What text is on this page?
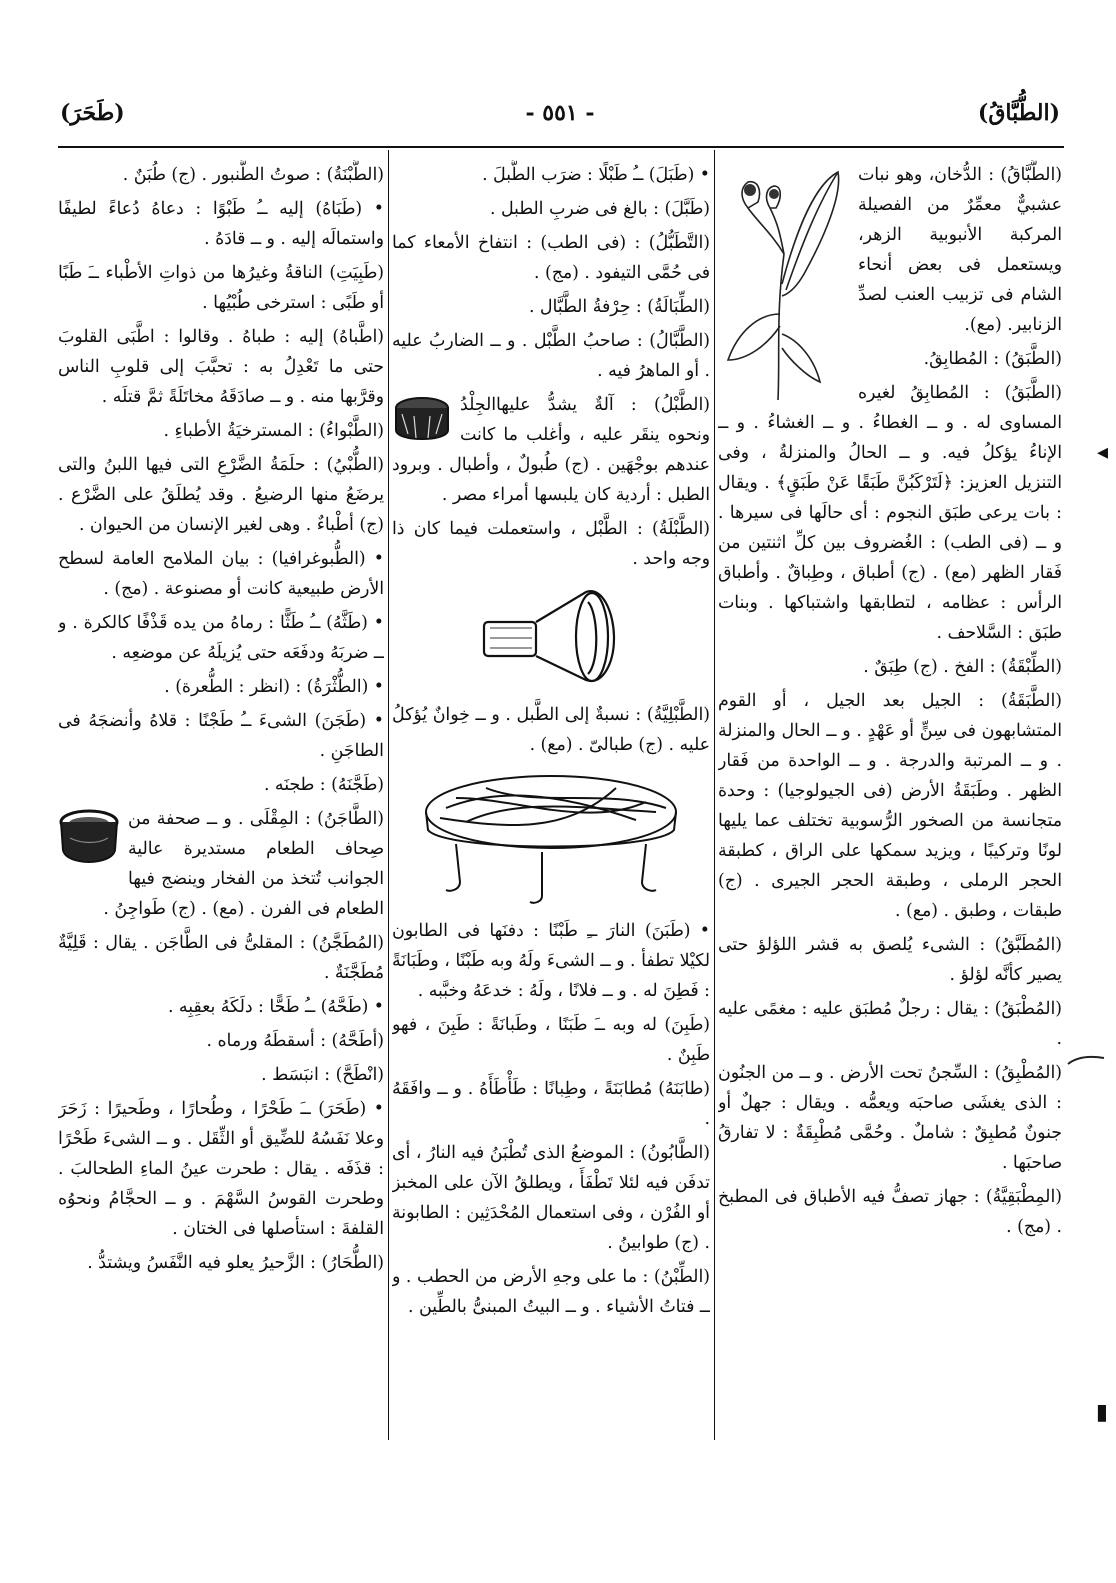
(طَحَرَ)	- ٥٥١ -	(الطُّبَّاقُ)

(الطُّبَّاقُ) : الدُّخان، وهو نبات عشبيٌّ معمِّرٌ من الفصيلة المركبة الأنبوبية الزهر، ويستعمل فى بعض أنحاء الشام فى تزبيب العنب لصدِّ الزنابير. (مع).

(الطَّبَقُ) : المُطابِقُ.

(الطَّبَقُ) : المُطابِقُ لغيره المساوى له . و ــ الغطاءُ . و ــ الغشاءُ . و ــ الإناءُ يؤكلُ فيه. و ــ الحالُ والمنزلةُ ، وفى التنزيل العزيز: ﴿لَتَرْكَبُنَّ طَبَقًا عَنْ طَبَقٍ﴾ . ويقال : بات يرعى طبَق النجوم : أى حالَها فى سيرها . و ــ (فى الطب) : الغُضروف بين كلِّ اثنتين من فَقار الظهر (مع) . (ج) أطباق ، وطِباقٌ . وأطباق الرأس : عظامه ، لتطابقها واشتباكها . وبنات طبَق : السَّلاحف .

(الطِّبْقَةُ) : الفخ . (ج) طِبَقٌ .

(الطَّبَقَةُ) : الجيل بعد الجيل ، أو القوم المتشابهون فى سِنٍّ أو عَهْدٍ . و ــ الحال والمنزلة . و ــ المرتبة والدرجة . و ــ الواحدة من فَقار الظهر . وطَبَقَةُ الأرض (فى الجيولوجيا) : وحدة متجانسة من الصخور الرُّسوبية تختلف عما يليها لونًا وتركيبًا ، ويزيد سمكها على الراق ، كطبقة الحجر الرملى ، وطبقة الحجر الجيرى . (ج) طبقات ، وطبق . (مع) .

(المُطَبَّقُ) : الشىء يُلصق به قشر اللؤلؤ حتى يصير كأنَّه لؤلؤ .

(المُطْبَقُ) : يقال : رجلٌ مُطبَق عليه : مغمًى عليه .

(المُطْبِقُ) : السِّجنُ تحت الأرض . و ــ من الجنُون : الذى يغشَى صاحبَه ويعمُّه . ويقال : جهلٌ أو جنونٌ مُطبِقٌ : شاملٌ . وحُمَّى مُطْبِقَةٌ : لا تفارقُ صاحبَها .

(المِطْبَقِيَّةُ) : جهاز تصفُّ فيه الأطباق فى المطبخ . (مج) .

• (طَبَلَ) ــُ طَبْلًا : ضرَب الطَّبلَ .

(طَبَّلَ) : بالغ فى ضربِ الطبل .

(التَّطَبُّلُ) : (فى الطب) : انتفاخ الأمعاء كما فى حُمَّى التيفود . (مج) .

(الطِّبَالَةُ) : حِرْفةُ الطَّبَّال .

(الطَّبَّالُ) : صاحبُ الطَّبْل . و ــ الضاربُ عليه . أو الماهرُ فيه .

(الطَّبْلُ) : آلةٌ يشدُّ عليهاالجِلْدُ ونحوه ينقَر عليه ، وأغلب ما كانت عندهم بوجْهَين . (ج) طُبولٌ ، وأطبال . وبرود الطبل : أردية كان يلبسها أمراء مصر .

(الطَّبْلَةُ) : الطَّبْل ، واستعملت فيما كان ذا وجه واحد .

(الطَّبْلِيَّةُ) : نسبةٌ إلى الطَّبل . و ــ خِوانٌ يُؤكلُ عليه . (ج) طبالىّ . (مع) .

• (طَبَنَ) النارَ ــِ طَبْنًا : دفنَها فى الطابون لكيْلا تطفأ . و ــ الشىءَ ولَهُ وبه طَبْنًا ، وطَبَانَةً : فَطِنَ له . و ــ فلانًا ، ولَهُ : خدعَهُ وخبَّبه .

(طَبِنَ) له وبه ــَ طَبَنًا ، وطَبانَةً : طَبِنَ ، فهو طَبِنٌ .

(طابَنَهُ) مُطابَنَةً ، وطِبانًا : طَأْطَأَهُ . و ــ وافَقَهُ .

(الطَّابُونُ) : الموضعُ الذى تُطْبَنُ فيه النارُ ، أى تدفَن فيه لئلا تَطْفَأَ ، ويطلقُ الآن على المخبز أو الفُرْن ، وفى استعمال المُحْدَثِين : الطابونة . (ج) طوابينُ .

(الطِّبْنُ) : ما على وجهِ الأرض من الحطب . و ــ فتاتُ الأشياء . و ــ البيتُ المبنىُّ بالطِّين .

(الطُّبْنَةُ) : صوتُ الطُّنبور . (ج) طُبَنٌ .

• (طَبَاهُ) إليه ــُ طَبْوًا : دعاهُ دُعاءً لطيفًا واستمالَه إليه . و ــ قادَهُ .

(طَبِيَتِ) الناقةُ وغيرُها من ذواتِ الأطْباء ــَ طَبًا أو طَبًى : استرخى طُبْيُها .

(اطَّباهُ) إليه : طباهُ . وقالوا : اطَّبَى القلوبَ حتى ما تَعْدِلُ به : تحبَّبَ إلى قلوبِ الناس وقرَّبها منه . و ــ صادَقَهُ مخاتَلَةً ثمَّ قتلَه .

(الطَّبْواءُ) : المسترخيَةُ الأطباءِ .

(الطُّبْيُ) : حلَمَةُ الضَّرْعِ التى فيها اللبنُ والتى يرضَعُ منها الرضيعُ . وقد يُطلَقُ على الضَّرْع . (ج) أطْباءٌ . وهى لغير الإنسان من الحيوان .

• (الطُّبوغرافيا) : بيان الملامح العامة لسطح الأرض طبيعية كانت أو مصنوعة . (مج) .

• (طَثَّهُ) ــُ طَثًّا : رماهُ من يده قَذْفًا كالكرة . و ــ ضربَهُ ودفَعَه حتى يُزيلَهُ عن موضعِه .

• (الطُّثْرَةُ) : (انظر : الطُّعرة) .

• (طَجَنَ) الشىءَ ــُ طَجْنًا : قلاهُ وأنضجَهُ فى الطاجَنِ .

(طَجَّنَهُ) : طجنَه .

(الطَّاجَنُ) : المِقْلَى . و ــ صحفة من صِحاف الطعام مستديرة عالية الجوانب تُتخذ من الفخار وينضج فيها الطعام فى الفرن . (مع) . (ج) طَواجِنُ .

(المُطَجَّنُ) : المقلىُّ فى الطَّاجَن . يقال : قَلِيَّةٌ مُطَجَّنَةٌ .

• (طَحَّهُ) ــُ طَحًّا : دلَكَهُ بعقِبِه .

(أطَحَّهُ) : أسقطَهُ ورماه .

(انْطَحَّ) : انبَسَط .

• (طَحَرَ) ــَ طَحْرًا ، وطُحارًا ، وطَحيرًا : زَحَرَ وعلا نَفَسُهُ للضِّيق أو الثِّقَل . و ــ الشىءَ طَحْرًا : قذَفَه . يقال : طحرت عينُ الماءِ الطحالبَ . وطحرت القوسُ السَّهْمَ . و ــ الحجَّامُ ونحوُه القلفةَ : استأصلها فى الختان .

(الطُّحَارُ) : الزَّحيرُ يعلو فيه النَّفَسُ ويشتدُّ .

◂
▮
